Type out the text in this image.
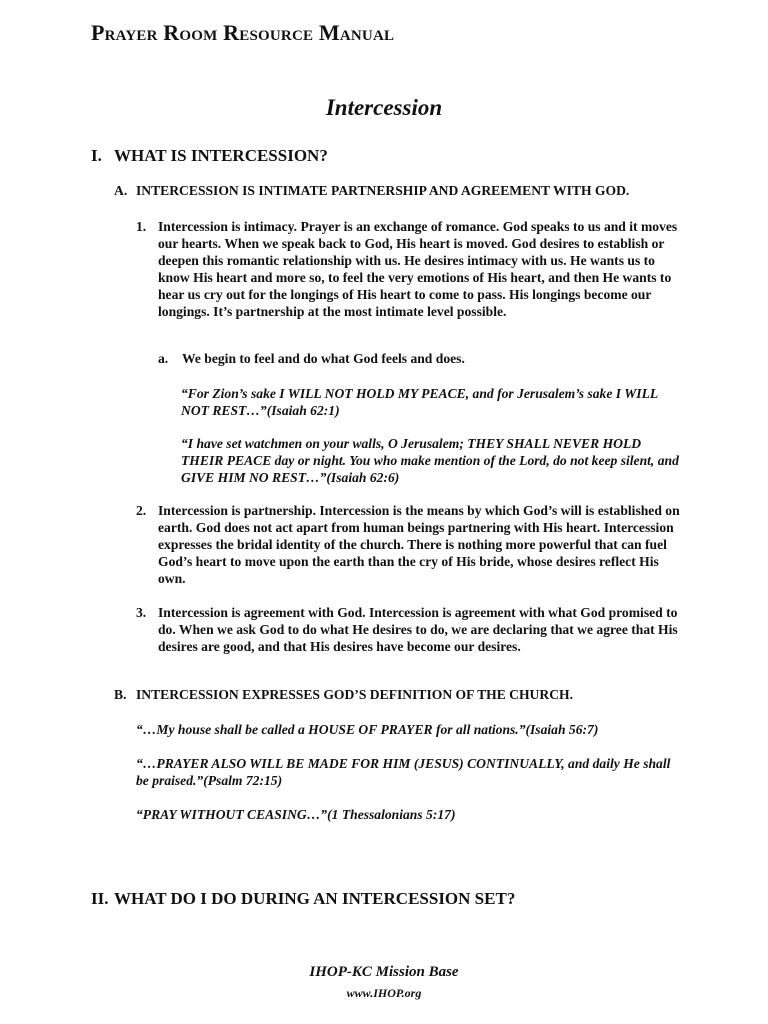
Prayer Room Resource Manual
Intercession
I. WHAT IS INTERCESSION?
A. INTERCESSION IS INTIMATE PARTNERSHIP AND AGREEMENT WITH GOD.
1. Intercession is intimacy. Prayer is an exchange of romance. God speaks to us and it moves our hearts. When we speak back to God, His heart is moved. God desires to establish or deepen this romantic relationship with us. He desires intimacy with us. He wants us to know His heart and more so, to feel the very emotions of His heart, and then He wants to hear us cry out for the longings of His heart to come to pass. His longings become our longings. It’s partnership at the most intimate level possible.
a. We begin to feel and do what God feels and does.
“For Zion’s sake I WILL NOT HOLD MY PEACE, and for Jerusalem’s sake I WILL NOT REST…”(Isaiah 62:1)
“I have set watchmen on your walls, O Jerusalem; THEY SHALL NEVER HOLD THEIR PEACE day or night. You who make mention of the Lord, do not keep silent, and GIVE HIM NO REST…”(Isaiah 62:6)
2. Intercession is partnership. Intercession is the means by which God’s will is established on earth. God does not act apart from human beings partnering with His heart. Intercession expresses the bridal identity of the church. There is nothing more powerful that can fuel God’s heart to move upon the earth than the cry of His bride, whose desires reflect His own.
3. Intercession is agreement with God. Intercession is agreement with what God promised to do. When we ask God to do what He desires to do, we are declaring that we agree that His desires are good, and that His desires have become our desires.
B. INTERCESSION EXPRESSES GOD’S DEFINITION OF THE CHURCH.
“…My house shall be called a HOUSE OF PRAYER for all nations.”(Isaiah 56:7)
“…PRAYER ALSO WILL BE MADE FOR HIM (JESUS) CONTINUALLY, and daily He shall be praised.”(Psalm 72:15)
“PRAY WITHOUT CEASING…”(1 Thessalonians 5:17)
II. WHAT DO I DO DURING AN INTERCESSION SET?
IHOP-KC Mission Base
www.IHOP.org
